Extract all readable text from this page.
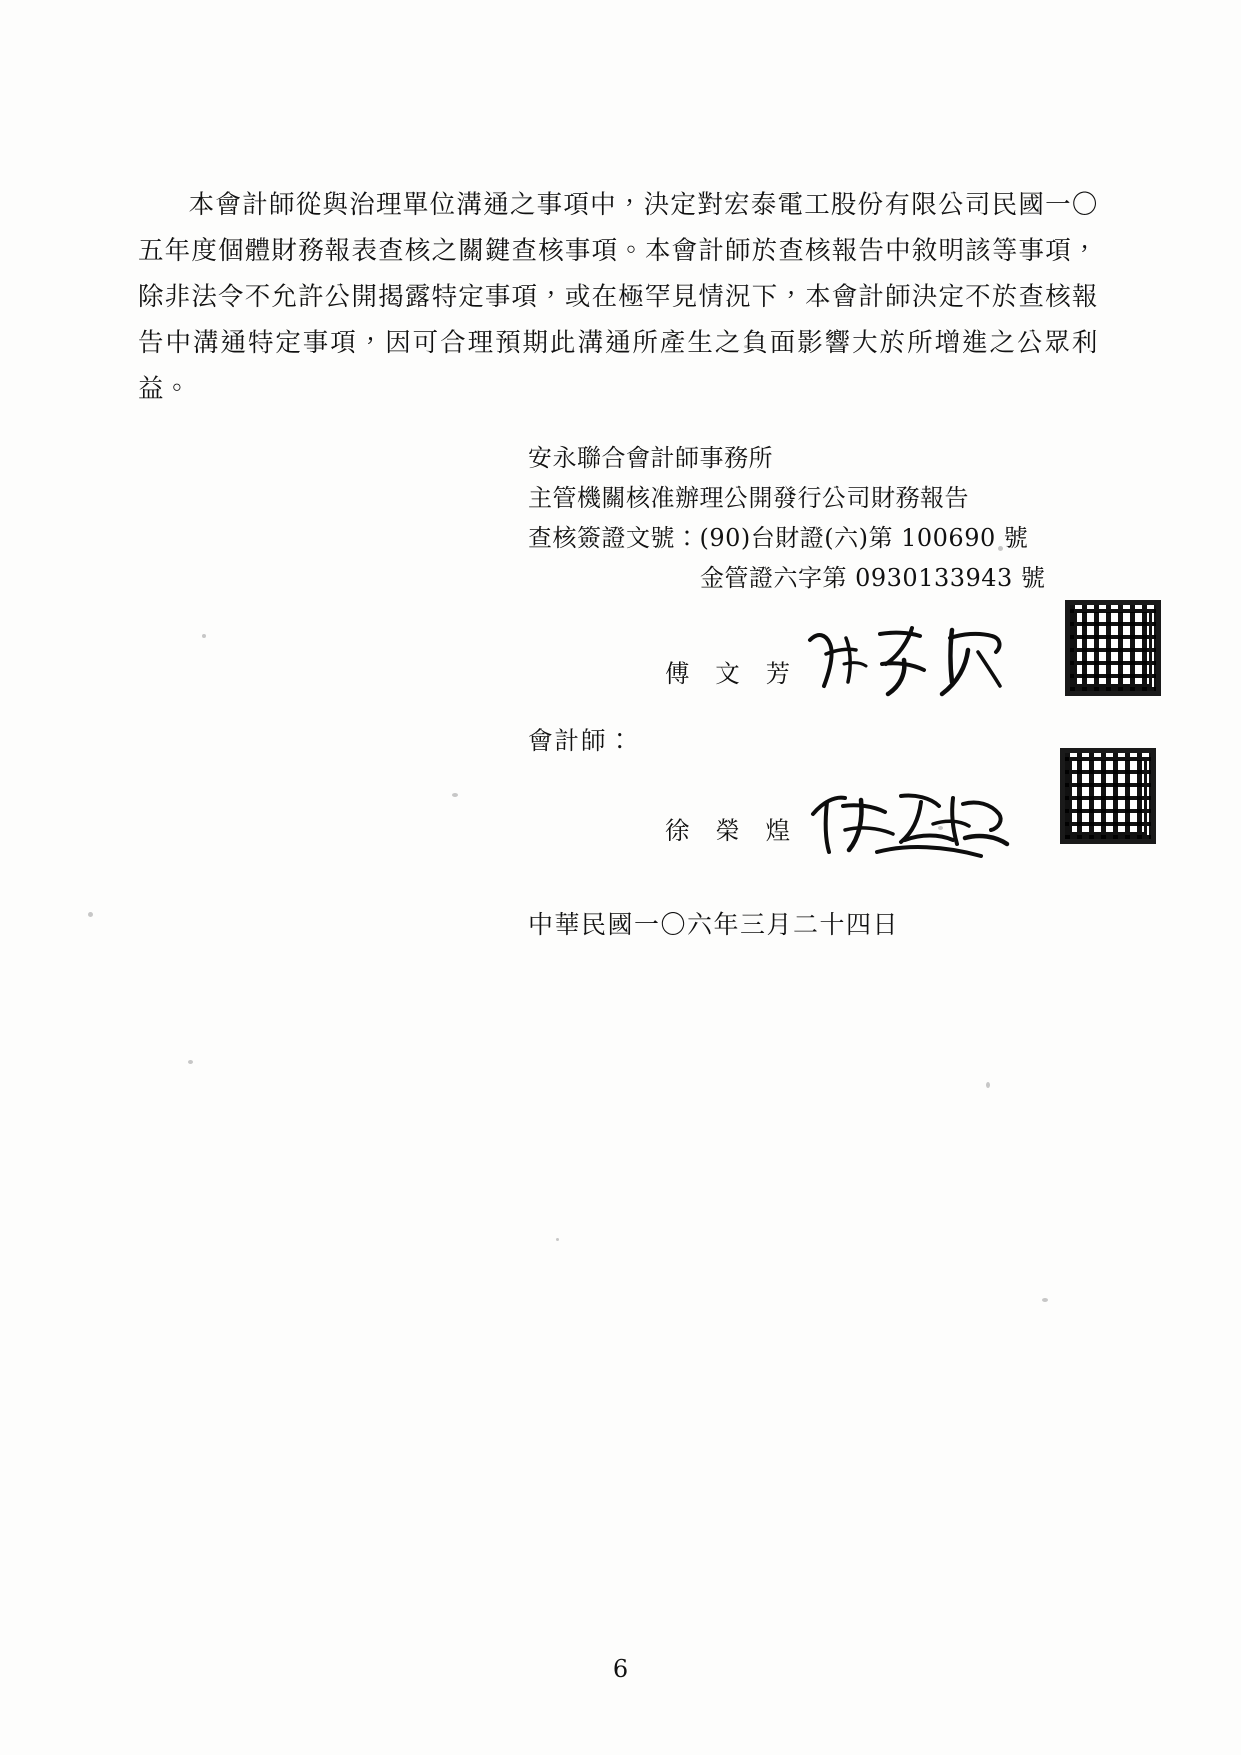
本會計師從與治理單位溝通之事項中，決定對宏泰電工股份有限公司民國一〇五年度個體財務報表查核之關鍵查核事項。本會計師於查核報告中敘明該等事項，除非法令不允許公開揭露特定事項，或在極罕見情況下，本會計師決定不於查核報告中溝通特定事項，因可合理預期此溝通所產生之負面影響大於所增進之公眾利益。
安永聯合會計師事務所
主管機關核准辦理公開發行公司財務報告
查核簽證文號：(90)台財證(六)第 100690 號
金管證六字第 0930133943 號
會計師：
傅 文 芳
徐 榮 煌
中華民國一〇六年三月二十四日
6
